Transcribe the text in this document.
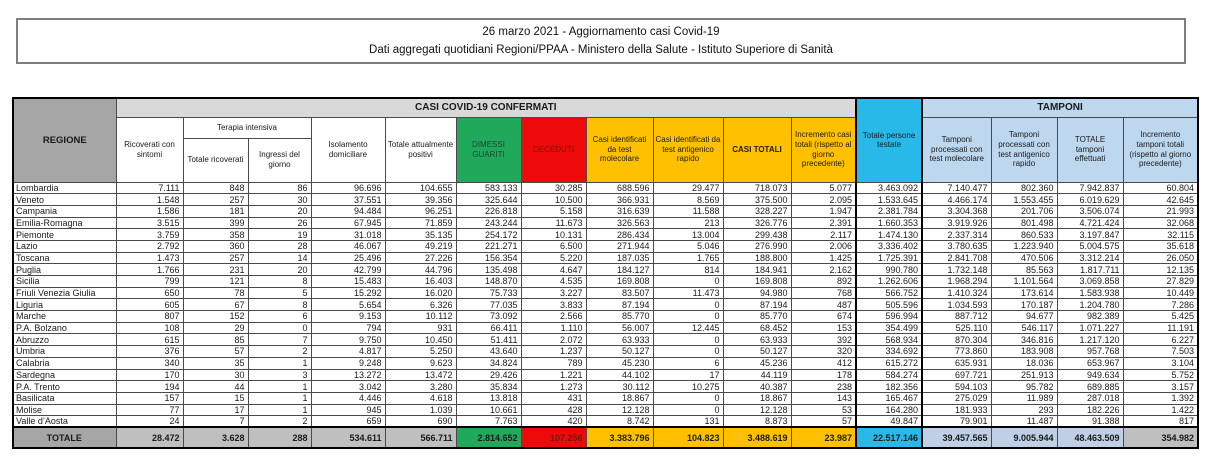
26 marzo 2021 - Aggiornamento casi Covid-19
Dati aggregati quotidiani Regioni/PPAA - Ministero della Salute - Istituto Superiore di Sanità
REGIONE	CASI COVID-19 CONFERMATI											Totale persone testate	TAMPONI			
	Ricoverati con sintomi	Terapia intensiva		Isolamento domiciliare	Totale attualmente positivi	DIMESSI GUARITI	DECEDUTI	Casi identificati da test molecolare	Casi identificati da test antigenico rapido	CASI TOTALI	Incremento casi totali (rispetto al giorno precedente)		Tamponi processati con test molecolare	Tamponi processati con test antigenico rapido	TOTALE tamponi effettuati	Incremento tamponi totali (rispetto al giorno precedente)
		Totale ricoverati	Ingressi del giorno													
Lombardia	7.111	848	86	96.696	104.655	583.133	30.285	688.596	29.477	718.073	5.077	3.463.092	7.140.477	802.360	7.942.837	60.804
Veneto	1.548	257	30	37.551	39.356	325.644	10.500	366.931	8.569	375.500	2.095	1.533.645	4.466.174	1.553.455	6.019.629	42.645
Campania	1.586	181	20	94.484	96.251	226.818	5.158	316.639	11.588	328.227	1.947	2.381.784	3.304.368	201.706	3.506.074	21.993
Emilia-Romagna	3.515	399	26	67.945	71.859	243.244	11.673	326.563	213	326.776	2.391	1.660.353	3.919.926	801.498	4.721.424	32.068
Piemonte	3.759	358	19	31.018	35.135	254.172	10.131	286.434	13.004	299.438	2.117	1.474.130	2.337.314	860.533	3.197.847	32.115
Lazio	2.792	360	28	46.067	49.219	221.271	6.500	271.944	5.046	276.990	2.006	3.336.402	3.780.635	1.223.940	5.004.575	35.618
Toscana	1.473	257	14	25.496	27.226	156.354	5.220	187.035	1.765	188.800	1.425	1.725.391	2.841.708	470.506	3.312.214	26.050
Puglia	1.766	231	20	42.799	44.796	135.498	4.647	184.127	814	184.941	2.162	990.780	1.732.148	85.563	1.817.711	12.135
Sicilia	799	121	8	15.483	16.403	148.870	4.535	169.808	0	169.808	892	1.262.606	1.968.294	1.101.564	3.069.858	27.829
Friuli Venezia Giulia	650	78	5	15.292	16.020	75.733	3.227	83.507	11.473	94.980	768	566.752	1.410.324	173.614	1.583.938	10.449
Liguria	605	67	8	5.654	6.326	77.035	3.833	87.194	0	87.194	487	505.596	1.034.593	170.187	1.204.780	7.286
Marche	807	152	6	9.153	10.112	73.092	2.566	85.770	0	85.770	674	596.994	887.712	94.677	982.389	5.425
P.A. Bolzano	108	29	0	794	931	66.411	1.110	56.007	12.445	68.452	153	354.499	525.110	546.117	1.071.227	11.191
Abruzzo	615	85	7	9.750	10.450	51.411	2.072	63.933	0	63.933	392	568.934	870.304	346.816	1.217.120	6.227
Umbria	376	57	2	4.817	5.250	43.640	1.237	50.127	0	50.127	320	334.692	773.860	183.908	957.768	7.503
Calabria	340	35	1	9.248	9.623	34.824	789	45.230	6	45.236	412	615.272	635.931	18.036	653.967	3.104
Sardegna	170	30	3	13.272	13.472	29.426	1.221	44.102	17	44.119	178	584.274	697.721	251.913	949.634	5.752
P.A. Trento	194	44	1	3.042	3.280	35.834	1.273	30.112	10.275	40.387	238	182.356	594.103	95.782	689.885	3.157
Basilicata	157	15	1	4.446	4.618	13.818	431	18.867	0	18.867	143	165.467	275.029	11.989	287.018	1.392
Molise	77	17	1	945	1.039	10.661	428	12.128	0	12.128	53	164.280	181.933	293	182.226	1.422
Valle d’Aosta	24	7	2	659	690	7.763	420	8.742	131	8.873	57	49.847	79.901	11.487	91.388	817
TOTALE	28.472	3.628	288	534.611	566.711	2.814.652	107.256	3.383.796	104.823	3.488.619	23.987	22.517.146	39.457.565	9.005.944	48.463.509	354.982
